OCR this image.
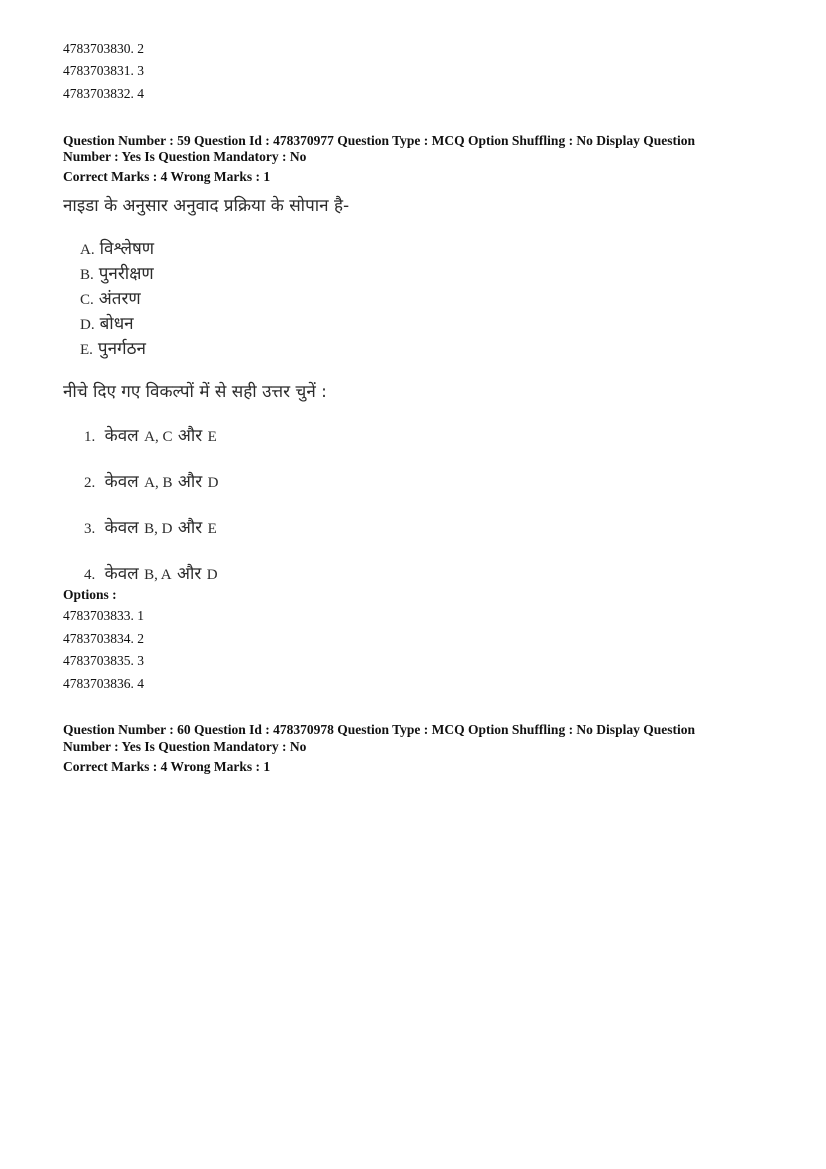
4783703830. 2
4783703831. 3
4783703832. 4
Question Number : 59 Question Id : 478370977 Question Type : MCQ Option Shuffling : No Display Question
Number : Yes Is Question Mandatory : No
Correct Marks : 4 Wrong Marks : 1
नाइडा के अनुसार अनुवाद प्रक्रिया के सोपान है-
A. विश्लेषण
B. पुनरीक्षण
C. अंतरण
D. बोधन
E. पुनर्गठन
नीचे दिए गए विकल्पों में से सही उत्तर चुनें :
1. केवल A, C और E
2. केवल A, B और D
3. केवल B, D और E
4. केवल B, A और D
Options :
4783703833. 1
4783703834. 2
4783703835. 3
4783703836. 4
Question Number : 60 Question Id : 478370978 Question Type : MCQ Option Shuffling : No Display Question
Number : Yes Is Question Mandatory : No
Correct Marks : 4 Wrong Marks : 1
